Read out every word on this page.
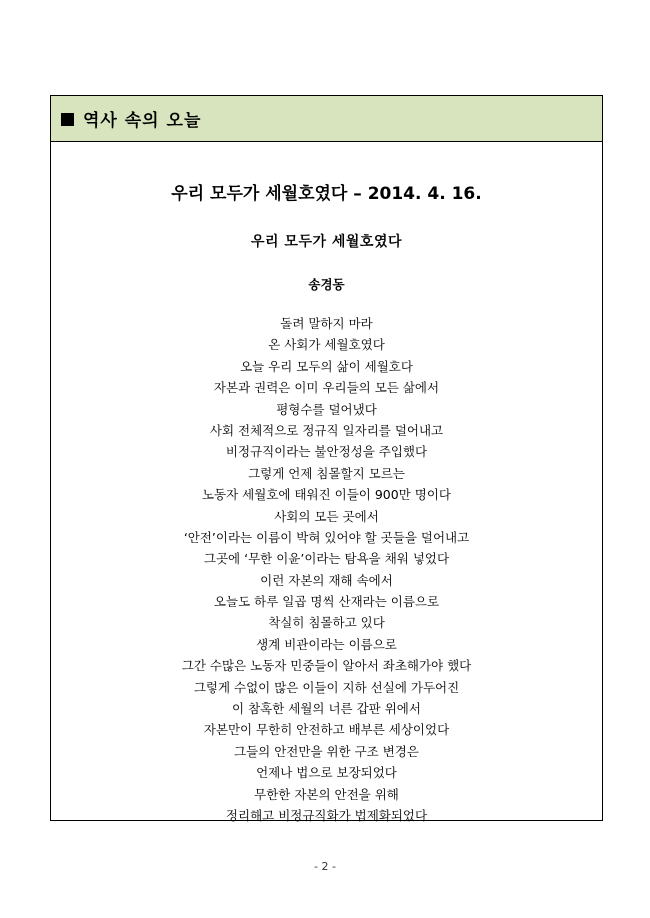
역사 속의 오늘
우리 모두가 세월호였다 – 2014. 4. 16.
우리 모두가 세월호였다
송경동
돌려 말하지 마라
온 사회가 세월호였다
오늘 우리 모두의 삶이 세월호다
자본과 권력은 이미 우리들의 모든 삶에서
평형수를 덜어냈다
사회 전체적으로 정규직 일자리를 덜어내고
비정규직이라는 불안정성을 주입했다
그렇게 언제 침몰할지 모르는
노동자 세월호에 태워진 이들이 900만 명이다
사회의 모든 곳에서
‘안전’이라는 이름이 박혀 있어야 할 곳들을 덜어내고
그곳에 ‘무한 이윤’이라는 탐욕을 채워 넣었다
이런 자본의 재해 속에서
오늘도 하루 일곱 명씩 산재라는 이름으로
착실히 침몰하고 있다
생계 비관이라는 이름으로
그간 수많은 노동자 민중들이 알아서 좌초해가야 했다
그렇게 수없이 많은 이들이 지하 선실에 가두어진
이 참혹한 세월의 너른 갑판 위에서
자본만이 무한히 안전하고 배부른 세상이었다
그들의 안전만을 위한 구조 변경은
언제나 법으로 보장되었다
무한한 자본의 안전을 위해
정리해고 비정규직화가 법제화되었다
- 2 -
